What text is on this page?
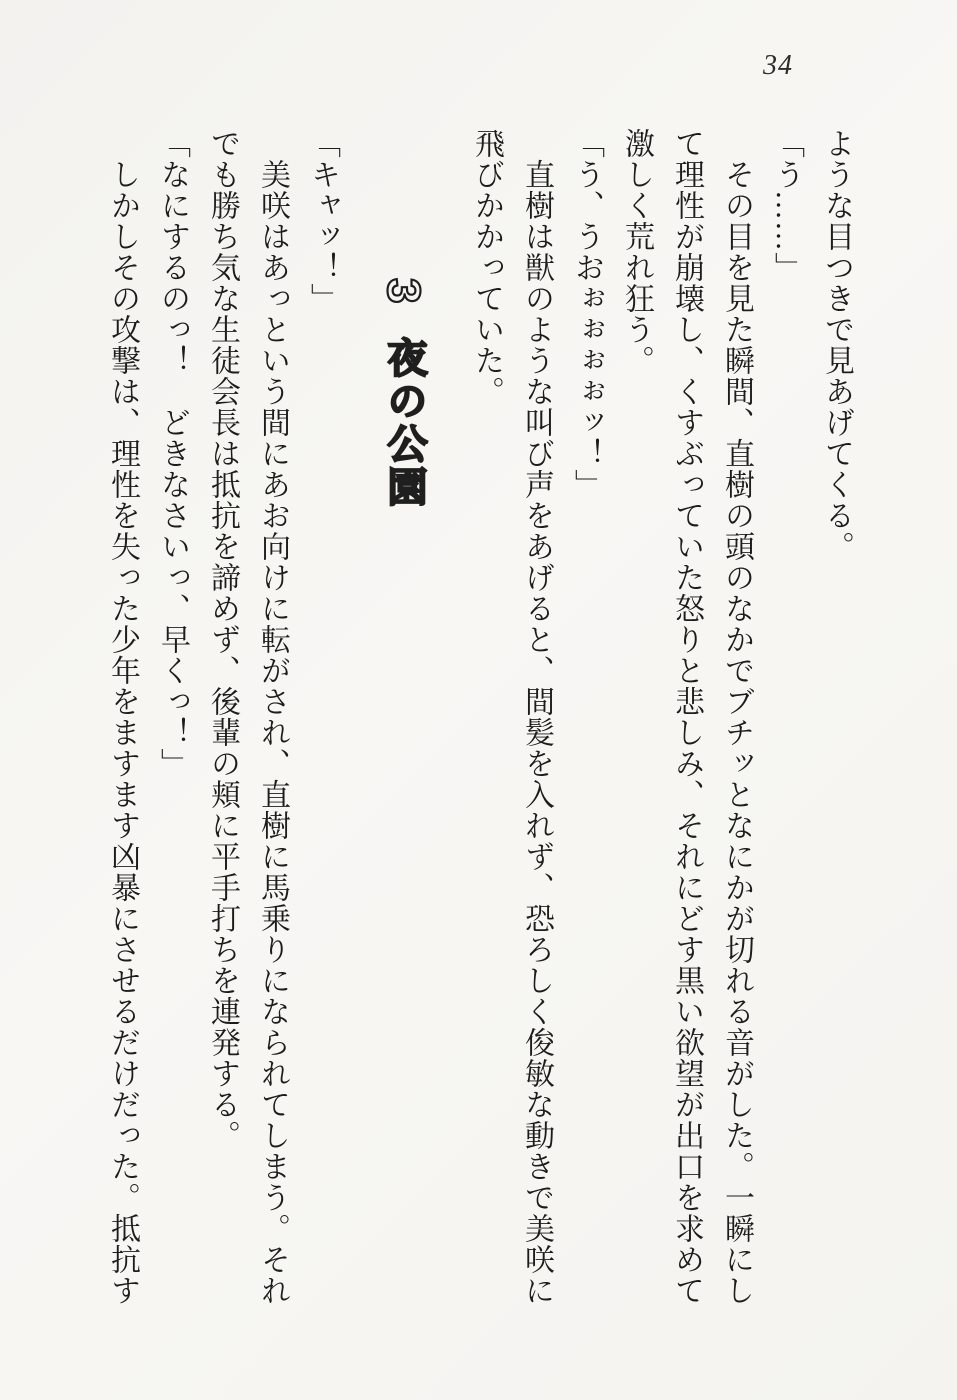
34
ような目つきで見あげてくる。
「う……」
　その目を見た瞬間、直樹の頭のなかでブチッとなにかが切れる音がした。一瞬にし
て理性が崩壊し、くすぶっていた怒りと悲しみ、それにどす黒い欲望が出口を求めて
激しく荒れ狂う。
「う、うおぉぉぉぉッ！」
　直樹は獣のような叫び声をあげると、間髪を入れず、恐ろしく俊敏な動きで美咲に
飛びかかっていた。
3夜の公園
「キャッ！」
　美咲はあっという間にあお向けに転がされ、直樹に馬乗りになられてしまう。それ
でも勝ち気な生徒会長は抵抗を諦めず、後輩の頬に平手打ちを連発する。
「なにするのっ！　どきなさいっ、早くっ！」
　しかしその攻撃は、理性を失った少年をますます凶暴にさせるだけだった。抵抗す
